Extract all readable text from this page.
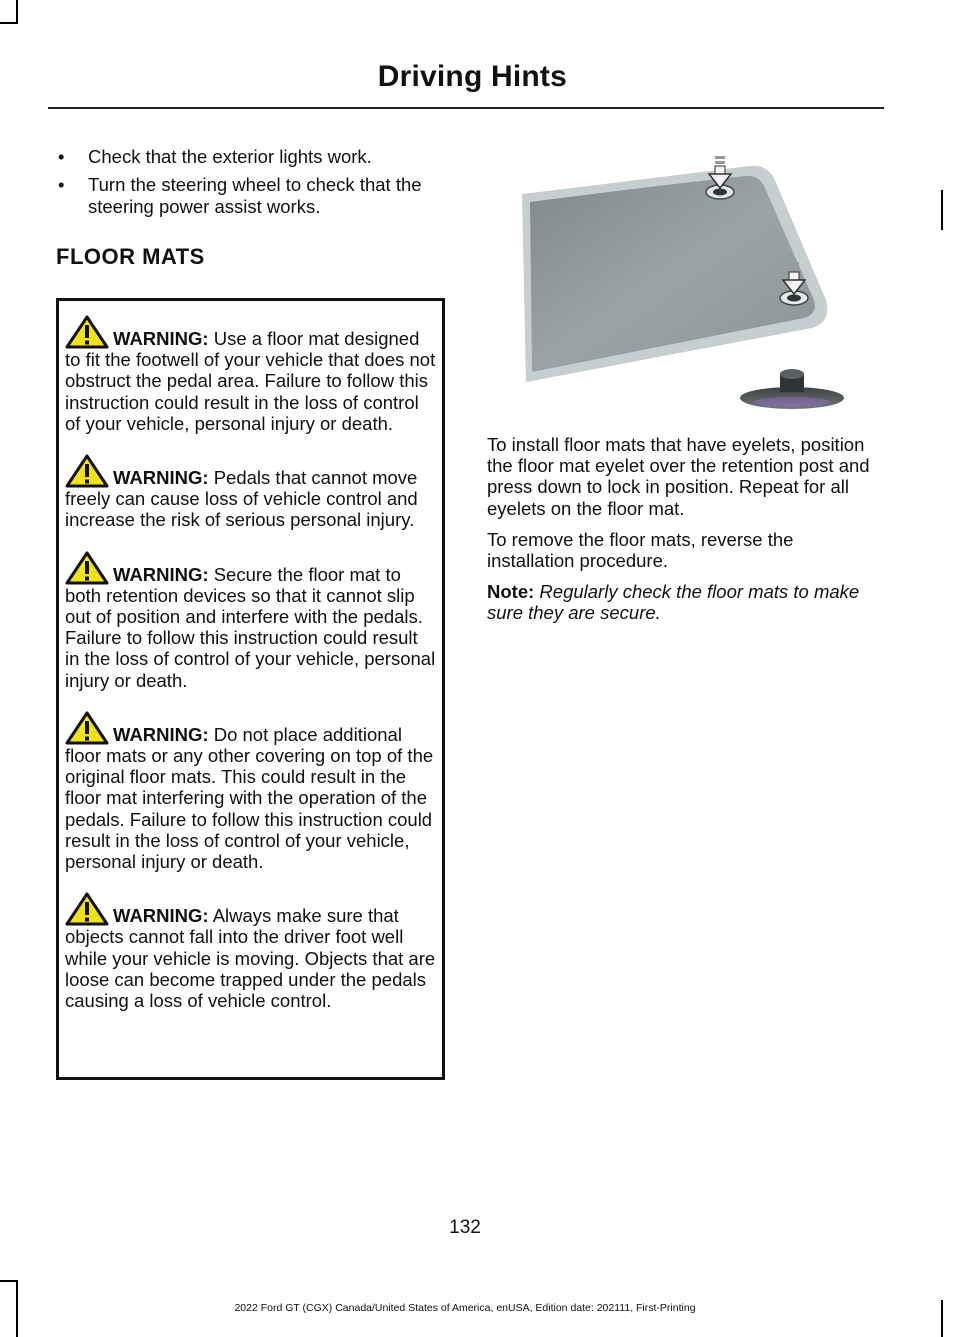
Driving Hints
• Check that the exterior lights work.
• Turn the steering wheel to check that the steering power assist works.
FLOOR MATS
WARNING: Use a floor mat designed to fit the footwell of your vehicle that does not obstruct the pedal area. Failure to follow this instruction could result in the loss of control of your vehicle, personal injury or death.
WARNING: Pedals that cannot move freely can cause loss of vehicle control and increase the risk of serious personal injury.
WARNING: Secure the floor mat to both retention devices so that it cannot slip out of position and interfere with the pedals. Failure to follow this instruction could result in the loss of control of your vehicle, personal injury or death.
WARNING: Do not place additional floor mats or any other covering on top of the original floor mats. This could result in the floor mat interfering with the operation of the pedals. Failure to follow this instruction could result in the loss of control of your vehicle, personal injury or death.
WARNING: Always make sure that objects cannot fall into the driver foot well while your vehicle is moving. Objects that are loose can become trapped under the pedals causing a loss of vehicle control.

To install floor mats that have eyelets, position the floor mat eyelet over the retention post and press down to lock in position. Repeat for all eyelets on the floor mat.

To remove the floor mats, reverse the installation procedure.

Note: Regularly check the floor mats to make sure they are secure.

132
2022 Ford GT (CGX) Canada/United States of America, enUSA, Edition date: 202111, First-Printing
